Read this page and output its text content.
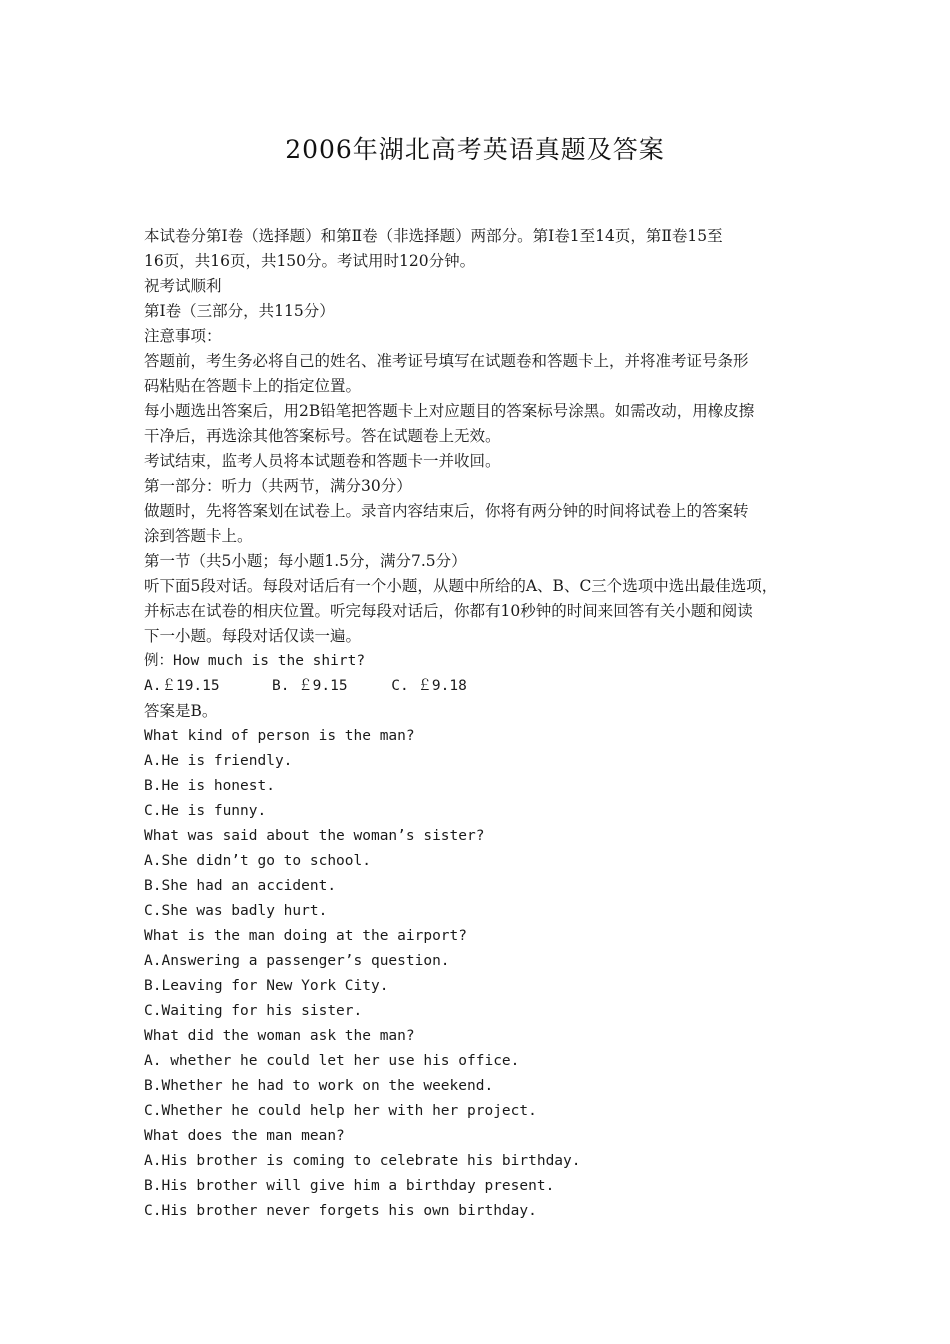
2006年湖北高考英语真题及答案
本试卷分第Ⅰ卷（选择题）和第Ⅱ卷（非选择题）两部分。第Ⅰ卷1至14页，第Ⅱ卷15至
16页，共16页，共150分。考试用时120分钟。
祝考试顺利
第Ⅰ卷（三部分，共115分）
注意事项：
答题前，考生务必将自己的姓名、准考证号填写在试题卷和答题卡上，并将准考证号条形
码粘贴在答题卡上的指定位置。
每小题选出答案后，用2B铅笔把答题卡上对应题目的答案标号涂黑。如需改动，用橡皮擦
干净后，再选涂其他答案标号。答在试题卷上无效。
考试结束，监考人员将本试题卷和答题卡一并收回。
第一部分：听力（共两节，满分30分）
做题时，先将答案划在试卷上。录音内容结束后，你将有两分钟的时间将试卷上的答案转
涂到答题卡上。
第一节（共5小题；每小题1.5分，满分7.5分）
听下面5段对话。每段对话后有一个小题，从题中所给的A、B、C三个选项中选出最佳选项，
并标志在试卷的相庆位置。听完每段对话后，你都有10秒钟的时间来回答有关小题和阅读
下一小题。每段对话仅读一遍。
例：How much is the shirt?
A.￡19.15      B. ￡9.15     C. ￡9.18
答案是B。
What kind of person is the man?
A.He is friendly.
B.He is honest.
C.He is funny.
What was said about the woman’s sister?
A.She didn’t go to school.
B.She had an accident.
C.She was badly hurt.
What is the man doing at the airport?
A.Answering a passenger’s question.
B.Leaving for New York City.
C.Waiting for his sister.
What did the woman ask the man?
A. whether he could let her use his office.
B.Whether he had to work on the weekend.
C.Whether he could help her with her project.
What does the man mean?
A.His brother is coming to celebrate his birthday.
B.His brother will give him a birthday present.
C.His brother never forgets his own birthday.
